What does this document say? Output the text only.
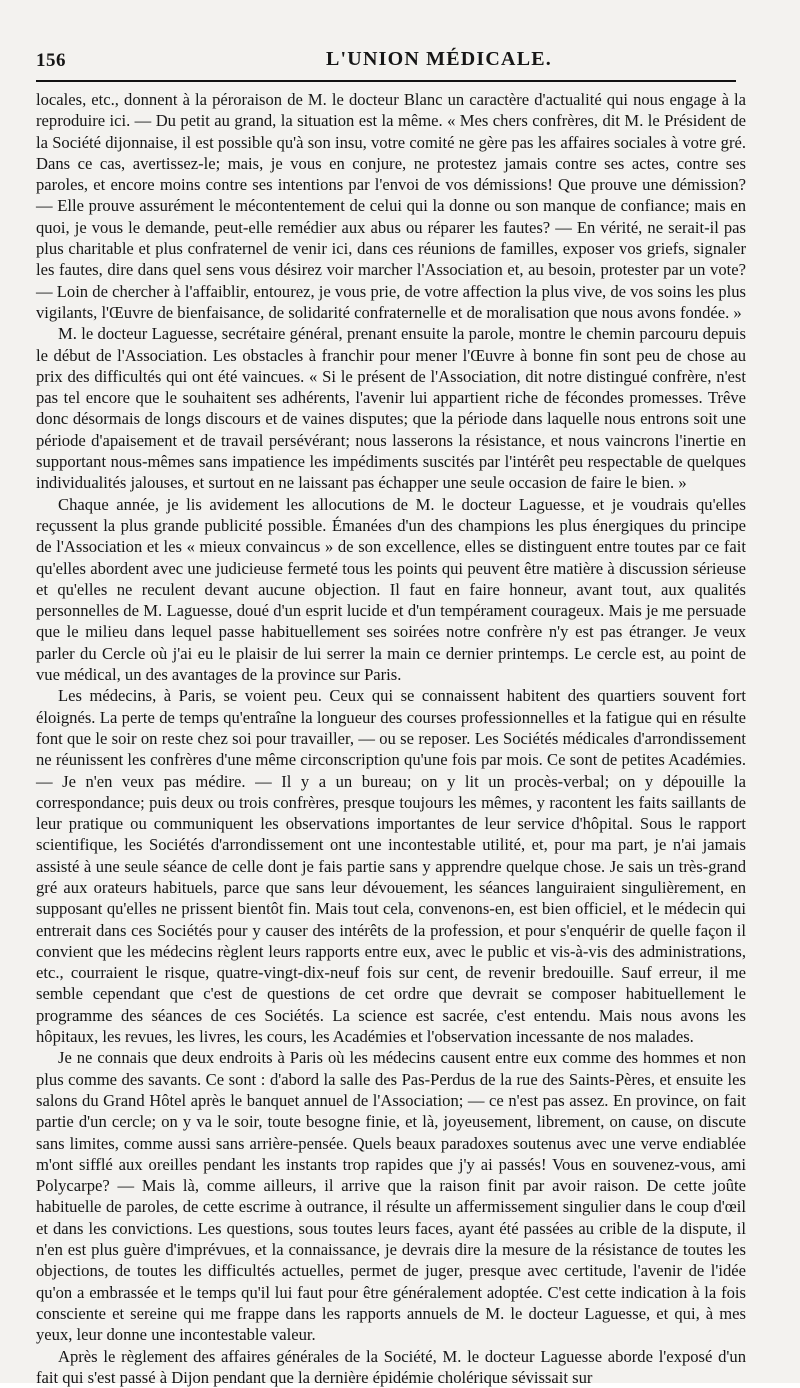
156	L'UNION MÉDICALE.

locales, etc., donnent à la péroraison de M. le docteur Blanc un caractère d'actualité qui nous engage à la reproduire ici. — Du petit au grand, la situation est la même. « Mes chers confrères, dit M. le Président de la Société dijonnaise, il est possible qu'à son insu, votre comité ne gère pas les affaires sociales à votre gré. Dans ce cas, avertissez-le; mais, je vous en conjure, ne protestez jamais contre ses actes, contre ses paroles, et encore moins contre ses intentions par l'envoi de vos démissions! Que prouve une démission? — Elle prouve assurément le mécontentement de celui qui la donne ou son manque de confiance; mais en quoi, je vous le demande, peut-elle remédier aux abus ou réparer les fautes? — En vérité, ne serait-il pas plus charitable et plus confraternel de venir ici, dans ces réunions de familles, exposer vos griefs, signaler les fautes, dire dans quel sens vous désirez voir marcher l'Association et, au besoin, protester par un vote? — Loin de chercher à l'affaiblir, entourez, je vous prie, de votre affection la plus vive, de vos soins les plus vigilants, l'Œuvre de bienfaisance, de solidarité confraternelle et de moralisation que nous avons fondée. »

M. le docteur Laguesse, secrétaire général, prenant ensuite la parole, montre le chemin parcouru depuis le début de l'Association. Les obstacles à franchir pour mener l'Œuvre à bonne fin sont peu de chose au prix des difficultés qui ont été vaincues. « Si le présent de l'Association, dit notre distingué confrère, n'est pas tel encore que le souhaitent ses adhérents, l'avenir lui appartient riche de fécondes promesses. Trêve donc désormais de longs discours et de vaines disputes; que la période dans laquelle nous entrons soit une période d'apaisement et de travail persévérant; nous lasserons la résistance, et nous vaincrons l'inertie en supportant nous-mêmes sans impatience les impédiments suscités par l'intérêt peu respectable de quelques individualités jalouses, et surtout en ne laissant pas échapper une seule occasion de faire le bien. »

Chaque année, je lis avidement les allocutions de M. le docteur Laguesse, et je voudrais qu'elles reçussent la plus grande publicité possible. Émanées d'un des champions les plus énergiques du principe de l'Association et les « mieux convaincus » de son excellence, elles se distinguent entre toutes par ce fait qu'elles abordent avec une judicieuse fermeté tous les points qui peuvent être matière à discussion sérieuse et qu'elles ne reculent devant aucune objection. Il faut en faire honneur, avant tout, aux qualités personnelles de M. Laguesse, doué d'un esprit lucide et d'un tempérament courageux. Mais je me persuade que le milieu dans lequel passe habituellement ses soirées notre confrère n'y est pas étranger. Je veux parler du Cercle où j'ai eu le plaisir de lui serrer la main ce dernier printemps. Le cercle est, au point de vue médical, un des avantages de la province sur Paris.

Les médecins, à Paris, se voient peu. Ceux qui se connaissent habitent des quartiers souvent fort éloignés. La perte de temps qu'entraîne la longueur des courses professionnelles et la fatigue qui en résulte font que le soir on reste chez soi pour travailler, — ou se reposer. Les Sociétés médicales d'arrondissement ne réunissent les confrères d'une même circonscription qu'une fois par mois. Ce sont de petites Académies. — Je n'en veux pas médire. — Il y a un bureau; on y lit un procès-verbal; on y dépouille la correspondance; puis deux ou trois confrères, presque toujours les mêmes, y racontent les faits saillants de leur pratique ou communiquent les observations importantes de leur service d'hôpital. Sous le rapport scientifique, les Sociétés d'arrondissement ont une incontestable utilité, et, pour ma part, je n'ai jamais assisté à une seule séance de celle dont je fais partie sans y apprendre quelque chose. Je sais un très-grand gré aux orateurs habituels, parce que sans leur dévouement, les séances languiraient singulièrement, en supposant qu'elles ne prissent bientôt fin. Mais tout cela, convenons-en, est bien officiel, et le médecin qui entrerait dans ces Sociétés pour y causer des intérêts de la profession, et pour s'enquérir de quelle façon il convient que les médecins règlent leurs rapports entre eux, avec le public et vis-à-vis des administrations, etc., courraient le risque, quatre-vingt-dix-neuf fois sur cent, de revenir bredouille. Sauf erreur, il me semble cependant que c'est de questions de cet ordre que devrait se composer habituellement le programme des séances de ces Sociétés. La science est sacrée, c'est entendu. Mais nous avons les hôpitaux, les revues, les livres, les cours, les Académies et l'observation incessante de nos malades.

Je ne connais que deux endroits à Paris où les médecins causent entre eux comme des hommes et non plus comme des savants. Ce sont : d'abord la salle des Pas-Perdus de la rue des Saints-Pères, et ensuite les salons du Grand Hôtel après le banquet annuel de l'Association; — ce n'est pas assez. En province, on fait partie d'un cercle; on y va le soir, toute besogne finie, et là, joyeusement, librement, on cause, on discute sans limites, comme aussi sans arrière-pensée. Quels beaux paradoxes soutenus avec une verve endiablée m'ont sifflé aux oreilles pendant les instants trop rapides que j'y ai passés! Vous en souvenez-vous, ami Polycarpe? — Mais là, comme ailleurs, il arrive que la raison finit par avoir raison. De cette joûte habituelle de paroles, de cette escrime à outrance, il résulte un affermissement singulier dans le coup d'œil et dans les convictions. Les questions, sous toutes leurs faces, ayant été passées au crible de la dispute, il n'en est plus guère d'imprévues, et la connaissance, je devrais dire la mesure de la résistance de toutes les objections, de toutes les difficultés actuelles, permet de juger, presque avec certitude, l'avenir de l'idée qu'on a embrassée et le temps qu'il lui faut pour être généralement adoptée. C'est cette indication à la fois consciente et sereine qui me frappe dans les rapports annuels de M. le docteur Laguesse, et qui, à mes yeux, leur donne une incontestable valeur.

Après le règlement des affaires générales de la Société, M. le docteur Laguesse aborde l'exposé d'un fait qui s'est passé à Dijon pendant que la dernière épidémie cholérique sévissait sur
